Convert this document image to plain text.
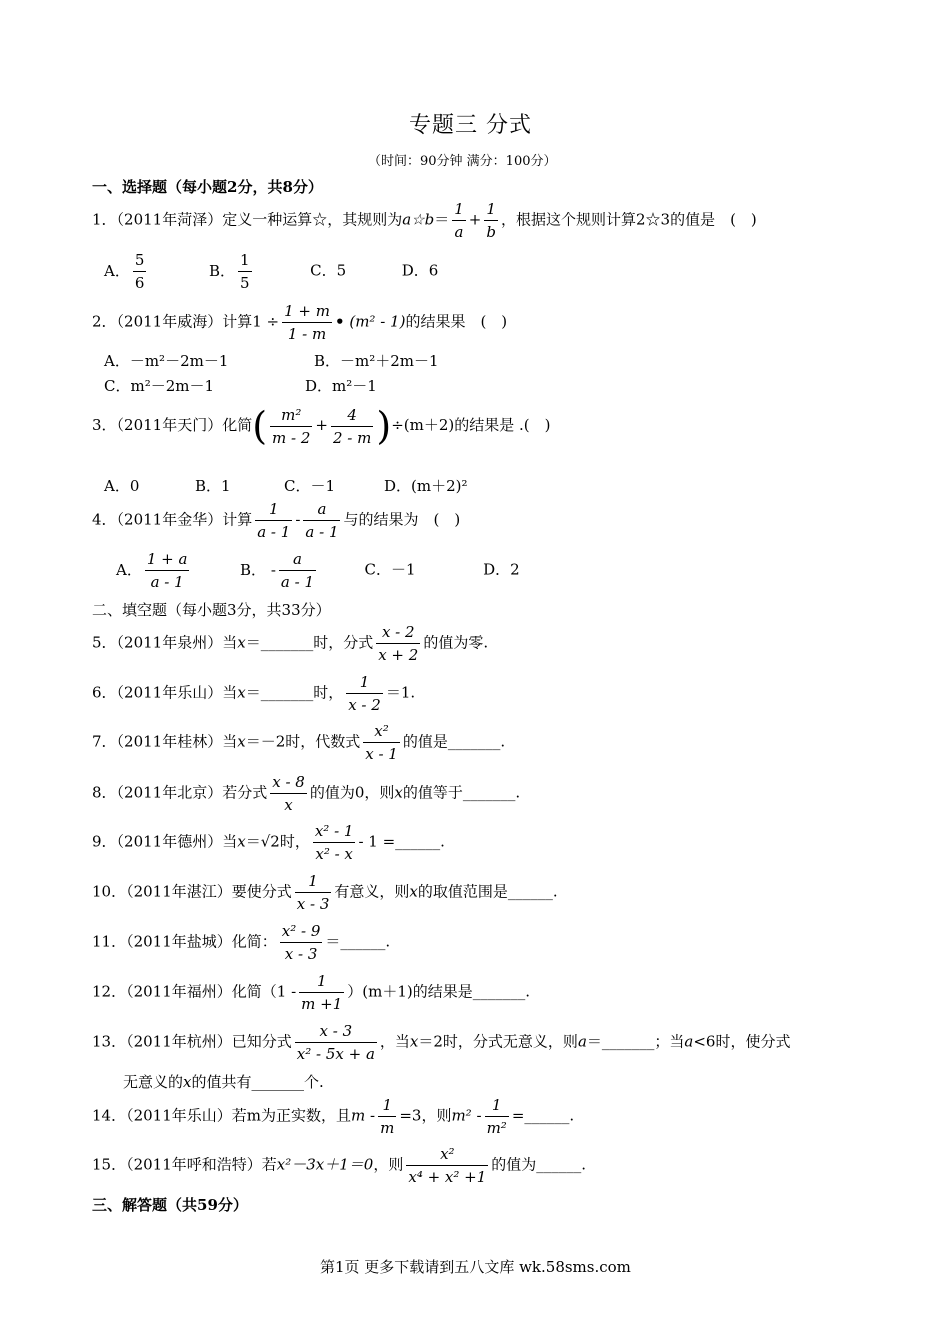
专题三 分式
（时间：90分钟 满分：100分）
一、选择题（每小题2分，共8分）
1．（2011年菏泽）定义一种运算☆，其规则为a☆b＝ $\frac{1}{a} + \frac{1}{b}$ ，根据这个规则计算2☆3的值是　(　)
A． $\frac{5}{6}$	B． $\frac{1}{5}$	C．5	D．6
2．（2011年威海）计算$1 \div \frac{1 + m}{1 - m}$ • (m² - 1)的结果果　(　)
A．－m²－2m－1	B．－m²＋2m－1
C．m²－2m－1	D．m²－1
3．（2011年天门）化简( $\frac{\text{m²}}{m - 2} + \frac{4}{2 - m} )\div(m+2)$的结果是 .(　)
A．0	B．1	C．－1	D．(m＋2)²
4．（2011年金华）计算 $\frac{1}{a - 1} - \frac{a}{a - 1}$ 与的结果为　(　)
A． $\frac{1 + a}{a - 1}$	B． - $\frac{a}{a - 1}$	C．－1	D．2
二、填空题（每小题3分，共33分）
5．（2011年泉州）当x＝_______时，分式 $\frac{x - 2}{x + 2}$ 的值为零.
6．（2011年乐山）当x＝_______时， $\frac{1}{x - 2} =1$.
7．（2011年桂林）当x＝－2时，代数式 $\frac{\text{x²}}{x - 1}$ 的值是_______.
8．（2011年北京）若分式 $\frac{x - 8}{x}$ 的值为0，则x的值等于_______.
9．（2011年德州）当x＝√2时， $\frac{\text{x² - 1}}{\text{x² - x}} - 1$ =______.
10．（2011年湛江）要使分式 $\frac{1}{x - 3}$ 有意义，则x的取值范围是______.
11．（2011年盐城）化简： $\frac{\text{x² - 9}}{x - 3}$ ＝______.
12．（2011年福州）化简$(1 - \frac{1}{m +1} )(m+1)$的结果是_______.
13．（2011年杭州）已知分式 $\frac{x - 3}{\text{x² - 5x + a}}$ ，当x＝2时，分式无意义，则a＝_______；当a<6时，使分式
无意义的x的值共有_______个.
14．（2011年乐山）若m为正实数，且$m - \frac{1}{m} =3$，则$m^2 - \frac{1}{\text{m²}}$ =______.
15．（2011年呼和浩特）若x²－3x＋1＝0，则 $\frac{\text{x²}}{\text{x⁴ + x² +1}}$ 的值为______.
三、解答题（共59分）
第1页 更多下载请到五八文库 wk.58sms.com
